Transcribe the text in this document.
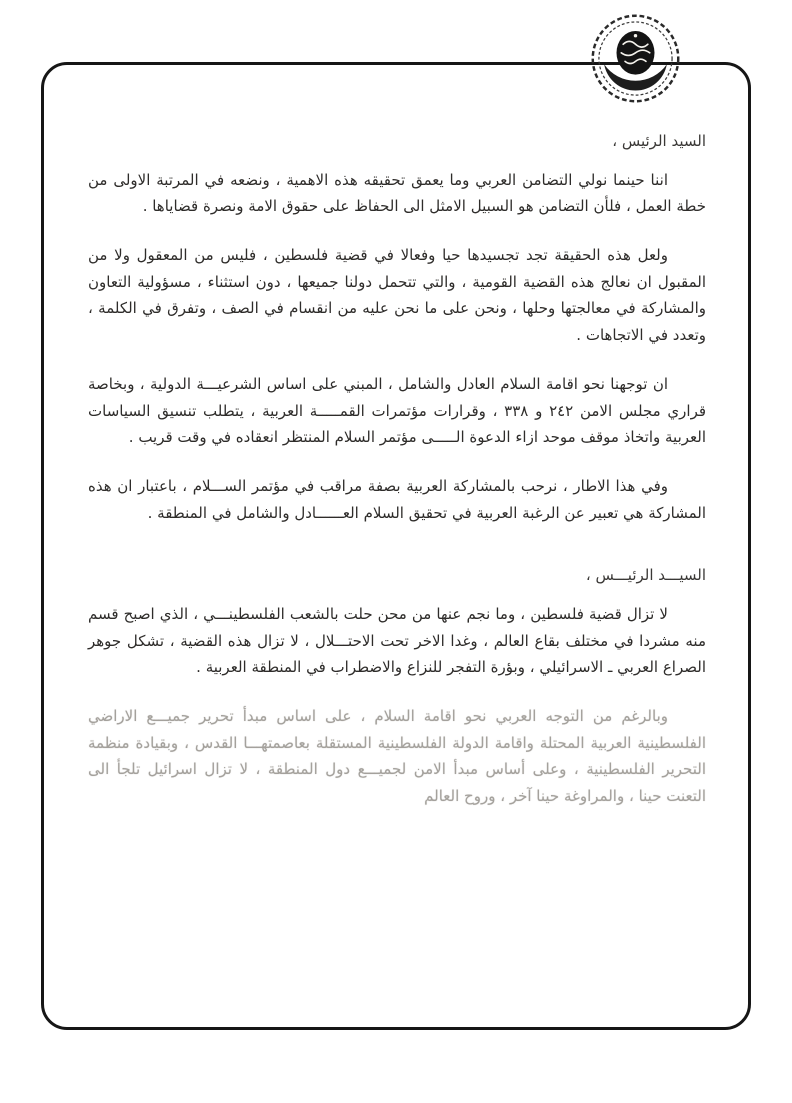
السيد الرئيس ،

اننا حينما نولي التضامن العربي وما يعمق تحقيقه هذه الاهمية ، ونضعه في المرتبة الاولى من خطة العمل ، فلأن التضامن هو السبيل الامثل الى الحفاظ على حقوق الامة ونصرة قضاياها .

ولعل هذه الحقيقة تجد تجسيدها حيا وفعالا في قضية فلسطين ، فليس من المعقول ولا من المقبول ان نعالج هذه القضية القومية ، والتي تتحمل دولنا جميعها ، دون استثناء ، مسؤولية التعاون والمشاركة في معالجتها وحلها ، ونحن على ما نحن عليه من انقسام في الصف ، وتفرق في الكلمة ، وتعدد في الاتجاهات .

ان توجهنا نحو اقامة السلام العادل والشامل ، المبني على اساس الشرعيـــة الدولية ، وبخاصة قراري مجلس الامن ٢٤٢ و ٣٣٨ ، وقرارات مؤتمرات القمـــــة العربية ، يتطلب تنسيق السياسات العربية واتخاذ موقف موحد ازاء الدعوة الـــــى مؤتمر السلام المنتظر انعقاده في وقت قريب .

وفي هذا الاطار ، نرحب بالمشاركة العربية بصفة مراقب في مؤتمر الســـلام ، باعتبار ان هذه المشاركة هي تعبير عن الرغبة العربية في تحقيق السلام العــــــادل والشامل في المنطقة .

السيـــد الرئيـــس ،

لا تزال قضية فلسطين ، وما نجم عنها من محن حلت بالشعب الفلسطينـــي ، الذي اصبح قسم منه مشردا في مختلف بقاع العالم ، وغدا الاخر تحت الاحتـــلال ، لا تزال هذه القضية ، تشكل جوهر الصراع العربي ـ الاسرائيلي ، وبؤرة التفجر للنزاع والاضطراب في المنطقة العربية .

وبالرغم من التوجه العربي نحو اقامة السلام ، على اساس مبدأ تحرير جميـــع الاراضي الفلسطينية العربية المحتلة واقامة الدولة الفلسطينية المستقلة بعاصمتهـــا القدس ، وبقيادة منظمة التحرير الفلسطينية ، وعلى أساس مبدأ الامن لجميـــع دول المنطقة ، لا تزال اسرائيل تلجأ الى التعنت حينا ، والمراوغة حينا آخر ، وروح العالم
